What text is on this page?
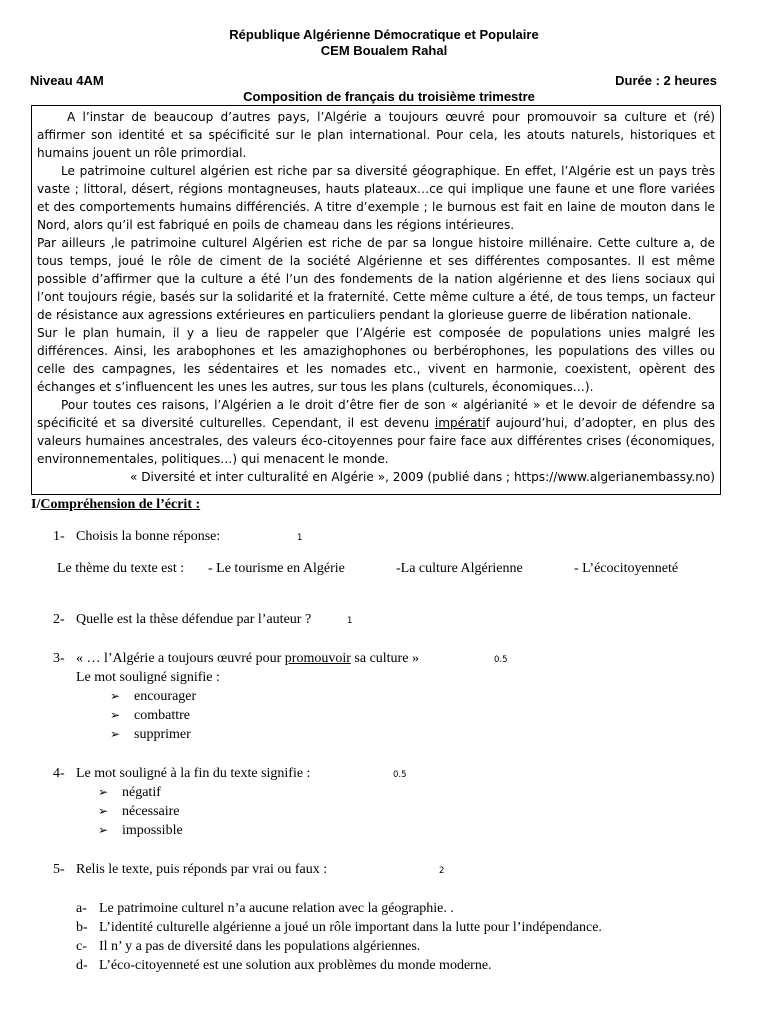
République Algérienne Démocratique et Populaire
CEM Boualem Rahal
Niveau 4AM	Durée : 2 heures
Composition de français du troisième trimestre

A l’instar de beaucoup d’autres pays, l’Algérie a toujours œuvré pour promouvoir sa culture et (ré) affirmer son identité et sa spécificité sur le plan international. Pour cela, les atouts naturels, historiques et humains jouent un rôle primordial.

Le patrimoine culturel algérien est riche par sa diversité géographique. En effet, l’Algérie est un pays très vaste ; littoral, désert, régions montagneuses, hauts plateaux…ce qui implique une faune et une flore variées et des comportements humains différenciés. A titre d’exemple ; le burnous est fait en laine de mouton dans le Nord, alors qu’il est fabriqué en poils de chameau dans les régions intérieures.

Par ailleurs ,le patrimoine culturel Algérien est riche de par sa longue histoire millénaire. Cette culture a, de tous temps, joué le rôle de ciment de la société Algérienne et ses différentes composantes. Il est même possible d’affirmer que la culture a été l’un des fondements de la nation algérienne et des liens sociaux qui l’ont toujours régie, basés sur la solidarité et la fraternité. Cette même culture a été, de tous temps, un facteur de résistance aux agressions extérieures en particuliers pendant la glorieuse guerre de libération nationale.

Sur le plan humain, il y a lieu de rappeler que l’Algérie est composée de populations unies malgré les différences. Ainsi, les arabophones et les amazighophones ou berbérophones, les populations des villes ou celle des campagnes, les sédentaires et les nomades etc., vivent en harmonie, coexistent, opèrent des échanges et s’influencent les unes les autres, sur tous les plans (culturels, économiques…).

Pour toutes ces raisons, l’Algérien a le droit d’être fier de son « algérianité » et le devoir de défendre sa spécificité et sa diversité culturelles. Cependant, il est devenu impératif aujourd’hui, d’adopter, en plus des valeurs humaines ancestrales, des valeurs éco-citoyennes pour faire face aux différentes crises (économiques, environnementales, politiques…) qui menacent le monde.

« Diversité et inter culturalité en Algérie », 2009 (publié dans ; https://www.algerianembassy.no)

I/Compréhension de l’écrit :
1- Choisis la bonne réponse:	1
Le thème du texte est : - Le tourisme en Algérie	-La culture Algérienne	- L’écocitoyenneté
2- Quelle est la thèse défendue par l’auteur ?	1
3- « … l’Algérie a toujours œuvré pour promouvoir sa culture »	0.5
Le mot souligné signifie :
➢ encourager
➢ combattre
➢ supprimer
4- Le mot souligné à la fin du texte signifie :	0.5
➢ négatif
➢ nécessaire
➢ impossible
5- Relis le texte, puis réponds par vrai ou faux :	2
a- Le patrimoine culturel n’a aucune relation avec la géographie. .
b- L’identité culturelle algérienne a joué un rôle important dans la lutte pour l’indépendance.
c- Il n’ y a pas de diversité dans les populations algériennes.
d- L’éco-citoyenneté est une solution aux problèmes du monde moderne.
